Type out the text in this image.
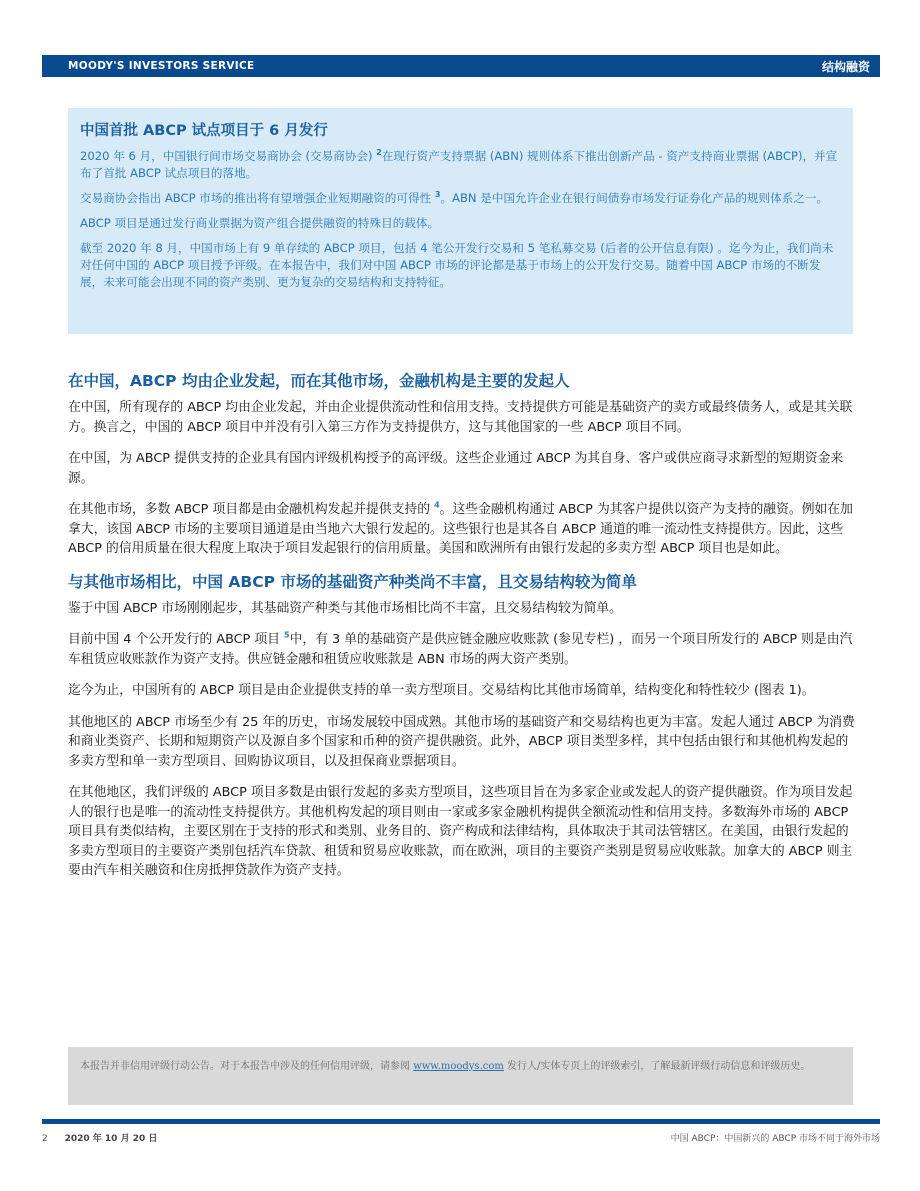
MOODY'S INVESTORS SERVICE	结构融资
中国首批 ABCP 试点项目于 6 月发行

2020 年 6 月，中国银行间市场交易商协会 (交易商协会) $^2$在现行资产支持票据 (ABN) 规则体系下推出创新产品 - 资产支持商业票据 (ABCP)，并宣布了首批 ABCP 试点项目的落地。

交易商协会指出 ABCP 市场的推出将有望增强企业短期融资的可得性 $^3$。ABN 是中国允许企业在银行间债券市场发行证券化产品的规则体系之一。

ABCP 项目是通过发行商业票据为资产组合提供融资的特殊目的载体。

截至 2020 年 8 月，中国市场上有 9 单存续的 ABCP 项目，包括 4 笔公开发行交易和 5 笔私募交易 (后者的公开信息有限) 。迄今为止，我们尚未对任何中国的 ABCP 项目授予评级。在本报告中，我们对中国 ABCP 市场的评论都是基于市场上的公开发行交易。随着中国 ABCP 市场的不断发展，未来可能会出现不同的资产类别、更为复杂的交易结构和支持特征。

在中国，ABCP 均由企业发起，而在其他市场，金融机构是主要的发起人

在中国，所有现存的 ABCP 均由企业发起，并由企业提供流动性和信用支持。支持提供方可能是基础资产的卖方或最终债务人，或是其关联方。换言之，中国的 ABCP 项目中并没有引入第三方作为支持提供方，这与其他国家的一些 ABCP 项目不同。

在中国，为 ABCP 提供支持的企业具有国内评级机构授予的高评级。这些企业通过 ABCP 为其自身、客户或供应商寻求新型的短期资金来源。

在其他市场，多数 ABCP 项目都是由金融机构发起并提供支持的 $^4$。这些金融机构通过 ABCP 为其客户提供以资产为支持的融资。例如在加拿大，该国 ABCP 市场的主要项目通道是由当地六大银行发起的。这些银行也是其各自 ABCP 通道的唯一流动性支持提供方。因此，这些 ABCP 的信用质量在很大程度上取决于项目发起银行的信用质量。美国和欧洲所有由银行发起的多卖方型 ABCP 项目也是如此。

与其他市场相比，中国 ABCP 市场的基础资产种类尚不丰富，且交易结构较为简单

鉴于中国 ABCP 市场刚刚起步，其基础资产种类与其他市场相比尚不丰富，且交易结构较为简单。

目前中国 4 个公开发行的 ABCP 项目 $^5$中，有 3 单的基础资产是供应链金融应收账款 (参见专栏) ，而另一个项目所发行的 ABCP 则是由汽车租赁应收账款作为资产支持。供应链金融和租赁应收账款是 ABN 市场的两大资产类别。

迄今为止，中国所有的 ABCP 项目是由企业提供支持的单一卖方型项目。交易结构比其他市场简单，结构变化和特性较少 (图表 1)。

其他地区的 ABCP 市场至少有 25 年的历史，市场发展较中国成熟。其他市场的基础资产和交易结构也更为丰富。发起人通过 ABCP 为消费和商业类资产、长期和短期资产以及源自多个国家和币种的资产提供融资。此外，ABCP 项目类型多样，其中包括由银行和其他机构发起的多卖方型和单一卖方型项目、回购协议项目，以及担保商业票据项目。

在其他地区，我们评级的 ABCP 项目多数是由银行发起的多卖方型项目，这些项目旨在为多家企业或发起人的资产提供融资。作为项目发起人的银行也是唯一的流动性支持提供方。其他机构发起的项目则由一家或多家金融机构提供全额流动性和信用支持。多数海外市场的 ABCP 项目具有类似结构，主要区别在于支持的形式和类别、业务目的、资产构成和法律结构，具体取决于其司法管辖区。在美国，由银行发起的多卖方型项目的主要资产类别包括汽车贷款、租赁和贸易应收账款，而在欧洲，项目的主要资产类别是贸易应收账款。加拿大的 ABCP 则主要由汽车相关融资和住房抵押贷款作为资产支持。

本报告并非信用评级行动公告。对于本报告中涉及的任何信用评级，请参阅 www.moodys.com 发行人/实体专页上的评级索引，了解最新评级行动信息和评级历史。
2 2020 年 10 月 20 日	中国 ABCP：中国新兴的 ABCP 市场不同于海外市场
